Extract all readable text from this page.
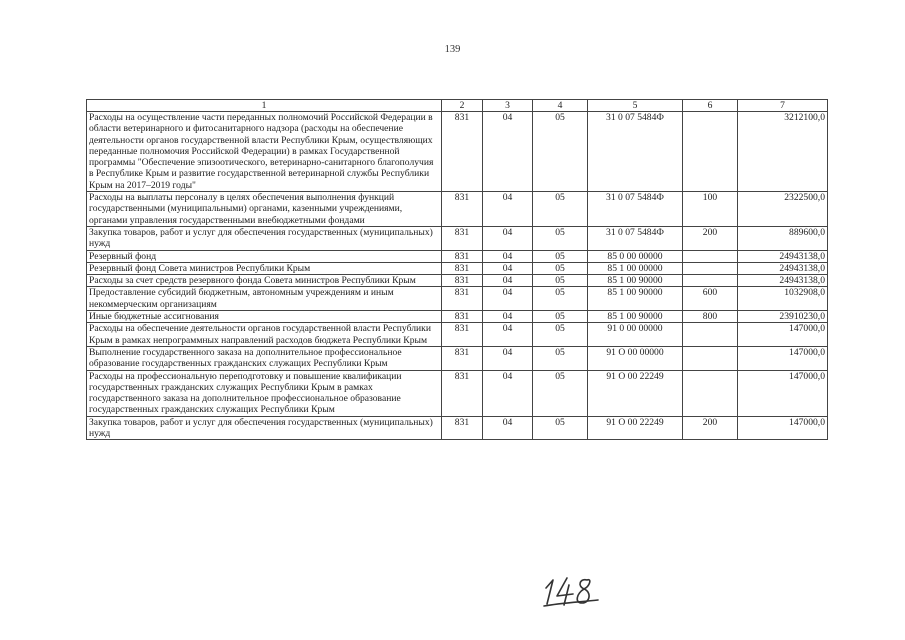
139
1	2	3	4	5	6	7
Расходы на осуществление части переданных полномочий Российской Федерации в области ветеринарного и фитосанитарного надзора (расходы на обеспечение деятельности органов государственной власти Республики Крым, осуществляющих переданные полномочия Российской Федерации) в рамках Государственной программы "Обеспечение эпизоотического, ветеринарно-санитарного благополучия в Республике Крым и развитие государственной ветеринарной службы Республики Крым на 2017–2019 годы"	831	04	05	31 0 07 5484Ф		3212100,0
Расходы на выплаты персоналу в целях обеспечения выполнения функций государственными (муниципальными) органами, казенными учреждениями, органами управления государственными внебюджетными фондами	831	04	05	31 0 07 5484Ф	100	2322500,0
Закупка товаров, работ и услуг для обеспечения государственных (муниципальных) нужд	831	04	05	31 0 07 5484Ф	200	889600,0
Резервный фонд	831	04	05	85 0 00 00000		24943138,0
Резервный фонд Совета министров Республики Крым	831	04	05	85 1 00 00000		24943138,0
Расходы за счет средств резервного фонда Совета министров Республики Крым	831	04	05	85 1 00 90000		24943138,0
Предоставление субсидий бюджетным, автономным учреждениям и иным некоммерческим организациям	831	04	05	85 1 00 90000	600	1032908,0
Иные бюджетные ассигнования	831	04	05	85 1 00 90000	800	23910230,0
Расходы на обеспечение деятельности органов государственной власти Республики Крым в рамках непрограммных направлений расходов бюджета Республики Крым	831	04	05	91 0 00 00000		147000,0
Выполнение государственного заказа на дополнительное профессиональное образование государственных гражданских служащих Республики Крым	831	04	05	91 О 00 00000		147000,0
Расходы на профессиональную переподготовку и повышение квалификации государственных гражданских служащих Республики Крым в рамках государственного заказа на дополнительное профессиональное образование государственных гражданских служащих Республики Крым	831	04	05	91 О 00 22249		147000,0
Закупка товаров, работ и услуг для обеспечения государственных (муниципальных) нужд	831	04	05	91 О 00 22249	200	147000,0
